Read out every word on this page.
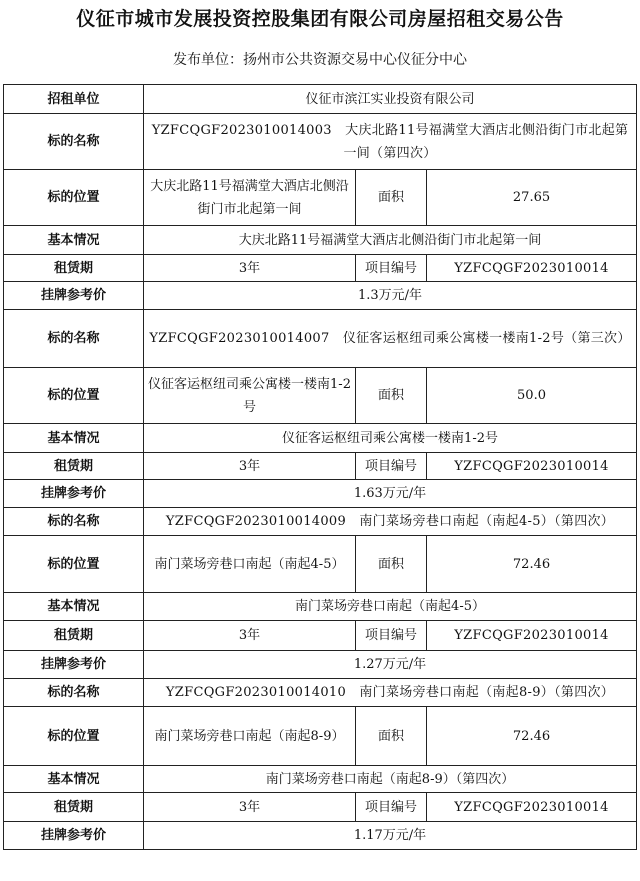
仪征市城市发展投资控股集团有限公司房屋招租交易公告
发布单位：扬州市公共资源交易中心仪征分中心
招租单位	仪征市滨江实业投资有限公司		
标的名称	YZFCQGF2023010014003　大庆北路11号福满堂大酒店北侧沿街门市北起第一间（第四次）		
标的位置	大庆北路11号福满堂大酒店北侧沿街门市北起第一间	面积	27.65
基本情况	大庆北路11号福满堂大酒店北侧沿街门市北起第一间		
租赁期	3年	项目编号	YZFCQGF2023010014
挂牌参考价	1.3万元/年		
标的名称	YZFCQGF2023010014007　仪征客运枢纽司乘公寓楼一楼南1-2号（第三次）		
标的位置	仪征客运枢纽司乘公寓楼一楼南1-2号	面积	50.0
基本情况	仪征客运枢纽司乘公寓楼一楼南1-2号		
租赁期	3年	项目编号	YZFCQGF2023010014
挂牌参考价	1.63万元/年		
标的名称	YZFCQGF2023010014009　南门菜场旁巷口南起（南起4-5）（第四次）		
标的位置	南门菜场旁巷口南起（南起4-5）	面积	72.46
基本情况	南门菜场旁巷口南起（南起4-5）		
租赁期	3年	项目编号	YZFCQGF2023010014
挂牌参考价	1.27万元/年		
标的名称	YZFCQGF2023010014010　南门菜场旁巷口南起（南起8-9）（第四次）		
标的位置	南门菜场旁巷口南起（南起8-9）	面积	72.46
基本情况	南门菜场旁巷口南起（南起8-9）（第四次）		
租赁期	3年	项目编号	YZFCQGF2023010014
挂牌参考价	1.17万元/年		
